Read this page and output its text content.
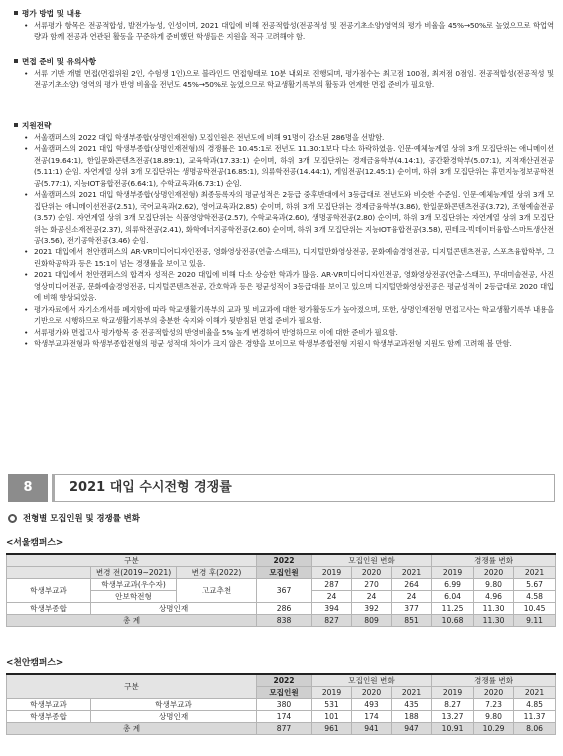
평가 방법 및 내용
• 서류평가 항목은 전공적합성, 발전가능성, 인성이며, 2021 대입에 비해 전공적합성(전공적성 및 전공기초소양)영역의 평가 비율을 45%→50%로 높였으므로 학업역량과 함께 전공과 연관된 활동을 꾸준하게 준비했던 학생들은 지원을 적극 고려해야 함.
면접 준비 및 유의사항
• 서류 기반 개별 면접(면접위원 2인, 수험생 1인)으로 블라인드 면접형태로 10분 내외로 진행되며, 평가점수는 최고점 100점, 최저점 0점임. 전공적합성(전공적성 및 전공기초소양) 영역의 평가 반영 비율을 전년도 45%→50%로 높였으므로 학교생활기록부의 활동과 연계한 면접 준비가 필요함.
지원전략
• 서울캠퍼스의 2022 대입 학생부종합(상명인재전형) 모집인원은 전년도에 비해 91명이 감소된 286명을 선발함.
• 서울캠퍼스의 2021 대입 학생부종합(상명인재전형)의 경쟁률은 10.45:1로 전년도 11.30:1보다 다소 하락하였음. 인문·예체능계열 상위 3개 모집단위는 애니메이션전공(19.64:1), 한일문화콘텐츠전공(18.89:1), 교육학과(17.33:1) 순이며, 하위 3개 모집단위는 경제금융학부(4.14:1), 공간환경학부(5.07:1), 지적재산권전공(5.11:1) 순임. 자연계열 상위 3개 모집단위는 생명공학전공(16.85:1), 의류학전공(14.44:1), 게임전공(12.45:1) 순이며, 하위 3개 모집단위는 휴먼지능정보공학전공(5.77:1), 지능IOT융합전공(6.64:1), 수학교육과(6.73:1) 순임.
• 서울캠퍼스의 2021 대입 학생부종합(상명인재전형) 최종등록자의 평균성적은 2등급 중후반대에서 3등급대로 전년도와 비슷한 수준임. 인문·예체능계열 상위 3개 모집단위는 애니메이션전공(2.51), 국어교육과(2.62), 영어교육과(2.85) 순이며, 하위 3개 모집단위는 경제금융학부(3.86), 한일문화콘텐츠전공(3.72), 조형예술전공(3.57) 순임. 자연계열 상위 3개 모집단위는 식품영양학전공(2.57), 수학교육과(2.60), 생명공학전공(2.80) 순이며, 하위 3개 모집단위는 자연계열 상위 3개 모집단위는 화공신소재전공(2.37), 의류학전공(2.41), 화학에너지공학전공(2.60) 순이며, 하위 3개 모집단위는 지능IOT융합전공(3.58), 핀테크·빅데이터융합·스마트생산전공(3.56), 전기공학전공(3.46) 순임.
• 2021 대입에서 천안캠퍼스의 AR·VR미디어디자인전공, 영화영상전공(연출·스태프), 디지털만화영상전공, 문화예술경영전공, 디지털콘텐츠전공, 스포츠융합학부, 그린화학공학과 등은 15:1이 넘는 경쟁률을 보이고 있음.
• 2021 대입에서 천안캠퍼스의 합격자 성적은 2020 대입에 비해 다소 상승한 학과가 많음. AR·VR미디어디자인전공, 영화영상전공(연출·스태프), 무대미술전공, 사진영상미디어전공, 문화예술경영전공, 디지털콘텐츠전공, 간호학과 등은 평균성적이 3등급대를 보이고 있으며 디지털만화영상전공은 평균성적이 2등급대로 2020 대입에 비해 향상되었음.
• 평가자료에서 자기소개서를 폐지함에 따라 학교생활기록부의 교과 및 비교과에 대한 평가활동도가 높아졌으며, 또한, 상명인재전형 면접고사는 학교생활기록부 내용을 기반으로 시행하므로 학교생활기록부의 충분한 숙지와 이해가 뒷받침된 면접 준비가 필요함.
• 서류평가와 면접고사 평가항목 중 전공적합성의 반영비율을 5% 높게 변경하여 반영하므로 이에 대한 준비가 필요함.
• 학생부교과전형과 학생부종합전형의 평균 성적대 차이가 크지 않은 경향을 보이므로 학생부종합전형 지원시 학생부교과전형 지원도 함께 고려해 볼 만함.
8	2021 대입 수시전형 경쟁률
전형별 모집인원 및 경쟁률 변화
<서울캠퍼스>
구분			2022	모집인원 변화			경쟁률 변화		
	변경 전(2019~2021)	변경 후(2022)	모집인원	2019	2020	2021	2019	2020	2021
학생부교과	학생부교과(우수자)	고교추천	367	287	270	264	6.99	9.80	5.67
	안보학전형			24	24	24	6.04	4.96	4.58
학생부종합	상명인재		286	394	392	377	11.25	11.30	10.45
총 계			838	827	809	851	10.68	11.30	9.11
<천안캠퍼스>
구분		2022	모집인원 변화			경쟁률 변화		
		모집인원	2019	2020	2021	2019	2020	2021
학생부교과	학생부교과	380	531	493	435	8.27	7.23	4.85
학생부종합	상명인재	174	101	174	188	13.27	9.80	11.37
총 계		877	961	941	947	10.91	10.29	8.06
